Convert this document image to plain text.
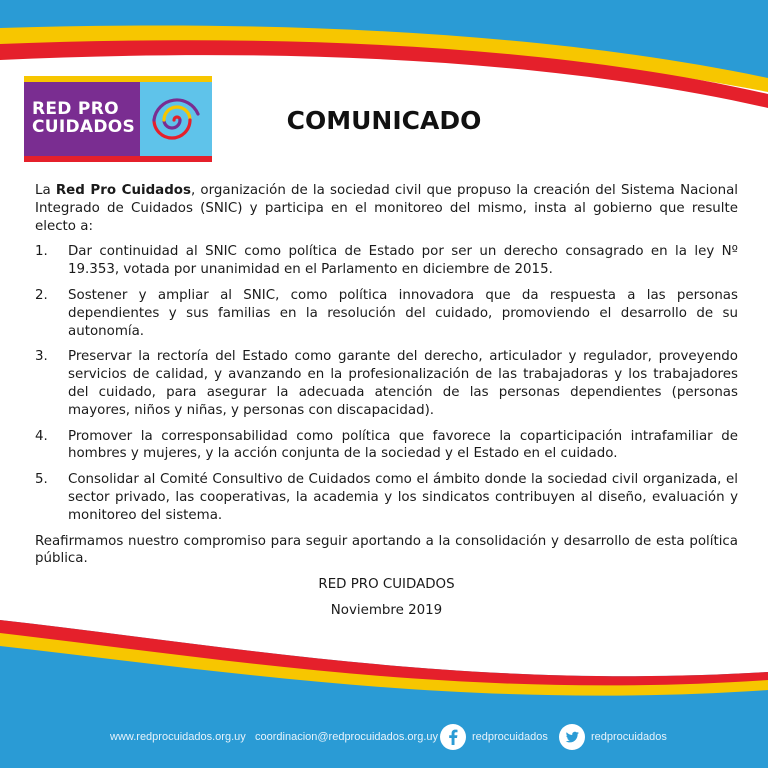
RED PRO
CUIDADOS	COMUNICADO

La Red Pro Cuidados, organización de la sociedad civil que propuso la creación del Sistema Nacional Integrado de Cuidados (SNIC) y participa en el monitoreo del mismo, insta al gobierno que resulte electo a:

1. Dar continuidad al SNIC como política de Estado por ser un derecho consagrado en la ley Nº 19.353, votada por unanimidad en el Parlamento en diciembre de 2015.
2. Sostener y ampliar al SNIC, como política innovadora que da respuesta a las personas dependientes y sus familias en la resolución del cuidado, promoviendo el desarrollo de su autonomía.
3. Preservar la rectoría del Estado como garante del derecho, articulador y regulador, proveyendo servicios de calidad, y avanzando en la profesionalización de las trabajadoras y los trabajadores del cuidado, para asegurar la adecuada atención de las personas dependientes (personas mayores, niños y niñas, y personas con discapacidad).
4. Promover la corresponsabilidad como política que favorece la coparticipación intrafamiliar de hombres y mujeres, y la acción conjunta de la sociedad y el Estado en el cuidado.
5. Consolidar al Comité Consultivo de Cuidados como el ámbito donde la sociedad civil organizada, el sector privado, las cooperativas, la academia y los sindicatos contribuyen al diseño, evaluación y monitoreo del sistema.

Reafirmamos nuestro compromiso para seguir aportando a la consolidación y desarrollo de esta política pública.

RED PRO CUIDADOS

Noviembre 2019

www.redprocuidados.org.uy coordinacion@redprocuidados.org.uy	redprocuidados	redprocuidados
